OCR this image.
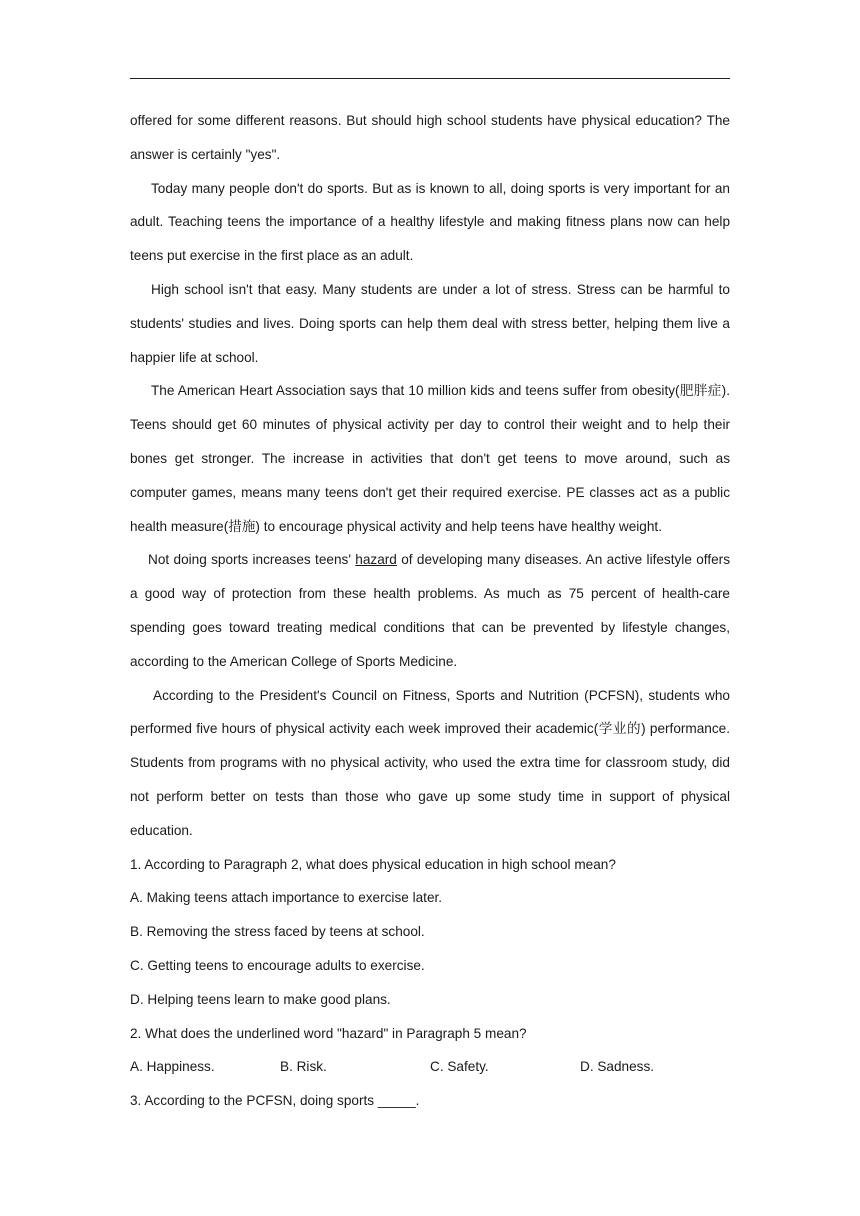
offered for some different reasons. But should high school students have physical education? The answer is certainly "yes".

Today many people don't do sports. But as is known to all, doing sports is very important for an adult. Teaching teens the importance of a healthy lifestyle and making fitness plans now can help teens put exercise in the first place as an adult.

High school isn't that easy. Many students are under a lot of stress. Stress can be harmful to students' studies and lives. Doing sports can help them deal with stress better, helping them live a happier life at school.

The American Heart Association says that 10 million kids and teens suffer from obesity(肥胖症). Teens should get 60 minutes of physical activity per day to control their weight and to help their bones get stronger. The increase in activities that don't get teens to move around, such as computer games, means many teens don't get their required exercise. PE classes act as a public health measure(措施) to encourage physical activity and help teens have healthy weight.

Not doing sports increases teens' hazard of developing many diseases. An active lifestyle offers a good way of protection from these health problems. As much as 75 percent of health-care spending goes toward treating medical conditions that can be prevented by lifestyle changes, according to the American College of Sports Medicine.

According to the President's Council on Fitness, Sports and Nutrition (PCFSN), students who performed five hours of physical activity each week improved their academic(学业的) performance. Students from programs with no physical activity, who used the extra time for classroom study, did not perform better on tests than those who gave up some study time in support of physical education.

1. According to Paragraph 2, what does physical education in high school mean?

A. Making teens attach importance to exercise later.

B. Removing the stress faced by teens at school.

C. Getting teens to encourage adults to exercise.

D. Helping teens learn to make good plans.

2. What does the underlined word "hazard" in Paragraph 5 mean?

A. Happiness.	B. Risk.	C. Safety.	D. Sadness.

3. According to the PCFSN, doing sports _____.
